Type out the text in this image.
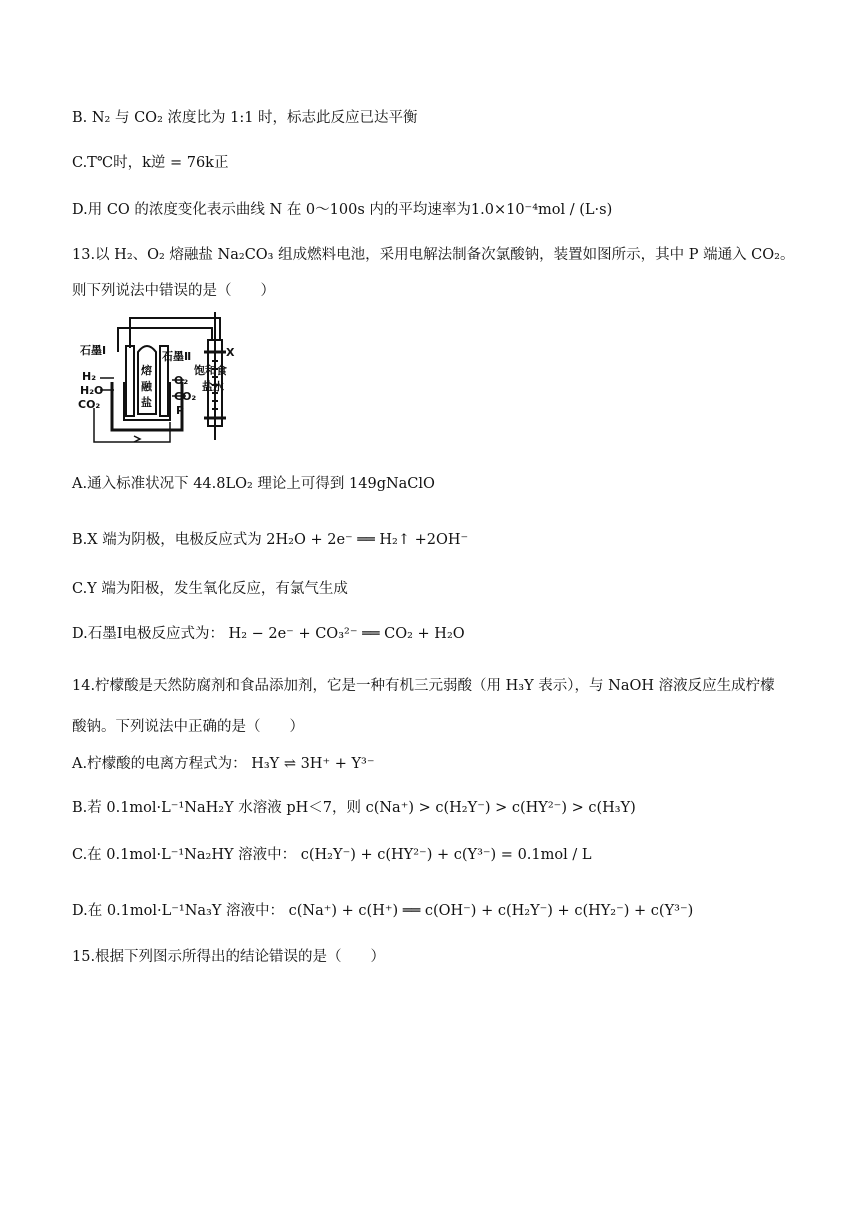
B. N₂ 与 CO₂ 浓度比为 1:1 时，标志此反应已达平衡
C.T℃时，k逆 = 76k正
D.用 CO 的浓度变化表示曲线 N 在 0～100s 内的平均速率为1.0×10⁻⁴mol / (L·s)
13.以 H₂、O₂ 熔融盐 Na₂CO₃ 组成燃料电池，采用电解法制备次氯酸钠，装置如图所示，其中 P 端通入 CO₂。
则下列说法中错误的是（　　）
石墨Ⅰ	石墨Ⅱ
H₂
H₂O
CO₂
熔
融
盐
O₂
CO₂
P
X
饱和食
盐水
A.通入标准状况下 44.8LO₂ 理论上可得到 149gNaClO
B.X 端为阴极，电极反应式为 2H₂O + 2e⁻ ══ H₂↑ +2OH⁻
C.Y 端为阳极，发生氧化反应，有氯气生成
D.石墨Ⅰ电极反应式为： H₂ − 2e⁻ + CO₃²⁻ ══ CO₂ + H₂O
14.柠檬酸是天然防腐剂和食品添加剂，它是一种有机三元弱酸（用 H₃Y 表示），与 NaOH 溶液反应生成柠檬
酸钠。下列说法中正确的是（　　）
A.柠檬酸的电离方程式为： H₃Y ⇌ 3H⁺ + Y³⁻
B.若 0.1mol·L⁻¹NaH₂Y 水溶液 pH＜7，则 c(Na⁺) > c(H₂Y⁻) > c(HY²⁻) > c(H₃Y)
C.在 0.1mol·L⁻¹Na₂HY 溶液中： c(H₂Y⁻) + c(HY²⁻) + c(Y³⁻) = 0.1mol / L
D.在 0.1mol·L⁻¹Na₃Y 溶液中： c(Na⁺) + c(H⁺) ══ c(OH⁻) + c(H₂Y⁻) + c(HY₂⁻) + c(Y³⁻)
15.根据下列图示所得出的结论错误的是（　　）
